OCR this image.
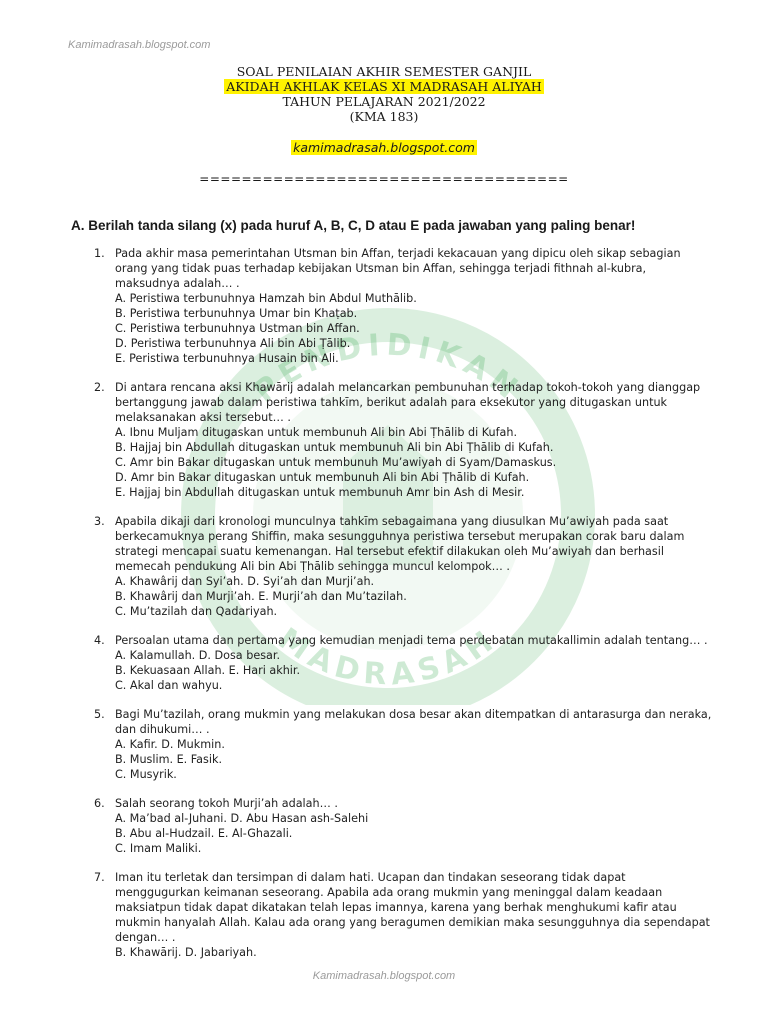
PENDIDIKAN
MADRASAH
Kamimadrasah.blogspot.com
SOAL PENILAIAN AKHIR SEMESTER GANJIL
AKIDAH AKHLAK KELAS XI MADRASAH ALIYAH
TAHUN PELAJARAN 2021/2022
(KMA 183)
kamimadrasah.blogspot.com
===================================
A. Berilah tanda silang (x) pada huruf A, B, C, D atau E pada jawaban yang paling benar!
1. Pada akhir masa pemerintahan Utsman bin Affan, terjadi kekacauan yang dipicu oleh sikap sebagian orang yang tidak puas terhadap kebijakan Utsman bin Affan, sehingga terjadi fithnah al-kubra, maksudnya adalah… .
A. Peristiwa terbunuhnya Hamzah bin Abdul Muthālib.
B. Peristiwa terbunuhnya Umar bin Khaṭab.
C. Peristiwa terbunuhnya Ustman bin Affan.
D. Peristiwa terbunuhnya Ali bin Abi Ṭālib.
E. Peristiwa terbunuhnya Husain bin Ali.
2. Di antara rencana aksi Khawārij adalah melancarkan pembunuhan terhadap tokoh-tokoh yang dianggap bertanggung jawab dalam peristiwa tahkīm, berikut adalah para eksekutor yang ditugaskan untuk melaksanakan aksi tersebut… .
A. Ibnu Muljam ditugaskan untuk membunuh Ali bin Abi Ṭhālib di Kufah.
B. Hajjaj bin Abdullah ditugaskan untuk membunuh Ali bin Abi Ṭhālib di Kufah.
C. Amr bin Bakar ditugaskan untuk membunuh Mu’awiyah di Syam/Damaskus.
D. Amr bin Bakar ditugaskan untuk membunuh Ali bin Abi Ṭhālib di Kufah.
E. Hajjaj bin Abdullah ditugaskan untuk membunuh Amr bin Ash di Mesir.
3. Apabila dikaji dari kronologi munculnya tahkīm sebagaimana yang diusulkan Mu’awiyah pada saat berkecamuknya perang Shiffin, maka sesungguhnya peristiwa tersebut merupakan corak baru dalam strategi mencapai suatu kemenangan. Hal tersebut efektif dilakukan oleh Mu’awiyah dan berhasil memecah pendukung Ali bin Abi Ṭhālib sehingga muncul kelompok… .
A. Khawârij dan Syi’ah. D. Syi’ah dan Murji’ah.
B. Khawârij dan Murji’ah. E. Murji’ah dan Mu’tazilah.
C. Mu’tazilah dan Qadariyah.
4. Persoalan utama dan pertama yang kemudian menjadi tema perdebatan mutakallimin adalah tentang… .
A. Kalamullah. D. Dosa besar.
B. Kekuasaan Allah. E. Hari akhir.
C. Akal dan wahyu.
5. Bagi Mu’tazilah, orang mukmin yang melakukan dosa besar akan ditempatkan di antarasurga dan neraka, dan dihukumi… .
A. Kafir. D. Mukmin.
B. Muslim. E. Fasik.
C. Musyrik.
6. Salah seorang tokoh Murji’ah adalah… .
A. Ma’bad al-Juhani. D. Abu Hasan ash-Salehi
B. Abu al-Hudzail. E. Al-Ghazali.
C. Imam Maliki.
7. Iman itu terletak dan tersimpan di dalam hati. Ucapan dan tindakan seseorang tidak dapat menggugurkan keimanan seseorang. Apabila ada orang mukmin yang meninggal dalam keadaan maksiatpun tidak dapat dikatakan telah lepas imannya, karena yang berhak menghukumi kafir atau mukmin hanyalah Allah. Kalau ada orang yang beragumen demikian maka sesungguhnya dia sependapat dengan… .
B. Khawārij. D. Jabariyah.
Kamimadrasah.blogspot.com
